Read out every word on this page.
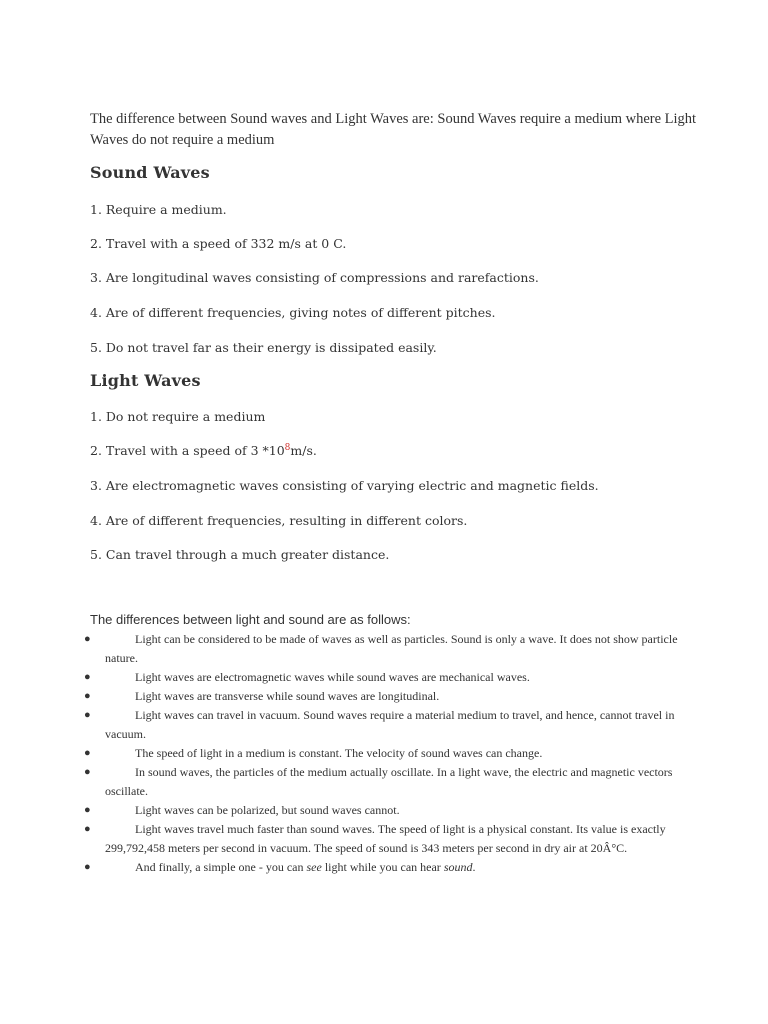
The difference between Sound waves and Light Waves are: Sound Waves require a medium where Light Waves do not require a medium
Sound Waves
1. Require a medium.
2. Travel with a speed of 332 m/s at 0 C.
3. Are longitudinal waves consisting of compressions and rarefactions.
4. Are of different frequencies, giving notes of different pitches.
5. Do not travel far as their energy is dissipated easily.
Light Waves
1. Do not require a medium
2. Travel with a speed of 3 $*10^8m/s$.
3. Are electromagnetic waves consisting of varying electric and magnetic fields.
4. Are of different frequencies, resulting in different colors.
5. Can travel through a much greater distance.
The differences between light and sound are as follows:
●	Light can be considered to be made of waves as well as particles. Sound is only a wave. It does not show particle nature.
●	Light waves are electromagnetic waves while sound waves are mechanical waves.
●	Light waves are transverse while sound waves are longitudinal.
●	Light waves can travel in vacuum. Sound waves require a material medium to travel, and hence, cannot travel in vacuum.
●	The speed of light in a medium is constant. The velocity of sound waves can change.
●	In sound waves, the particles of the medium actually oscillate. In a light wave, the electric and magnetic vectors oscillate.
●	Light waves can be polarized, but sound waves cannot.
●	Light waves travel much faster than sound waves. The speed of light is a physical constant. Its value is exactly 299,792,458 meters per second in vacuum. The speed of sound is 343 meters per second in dry air at 20Â°C.
●	And finally, a simple one - you can see light while you can hear sound.
